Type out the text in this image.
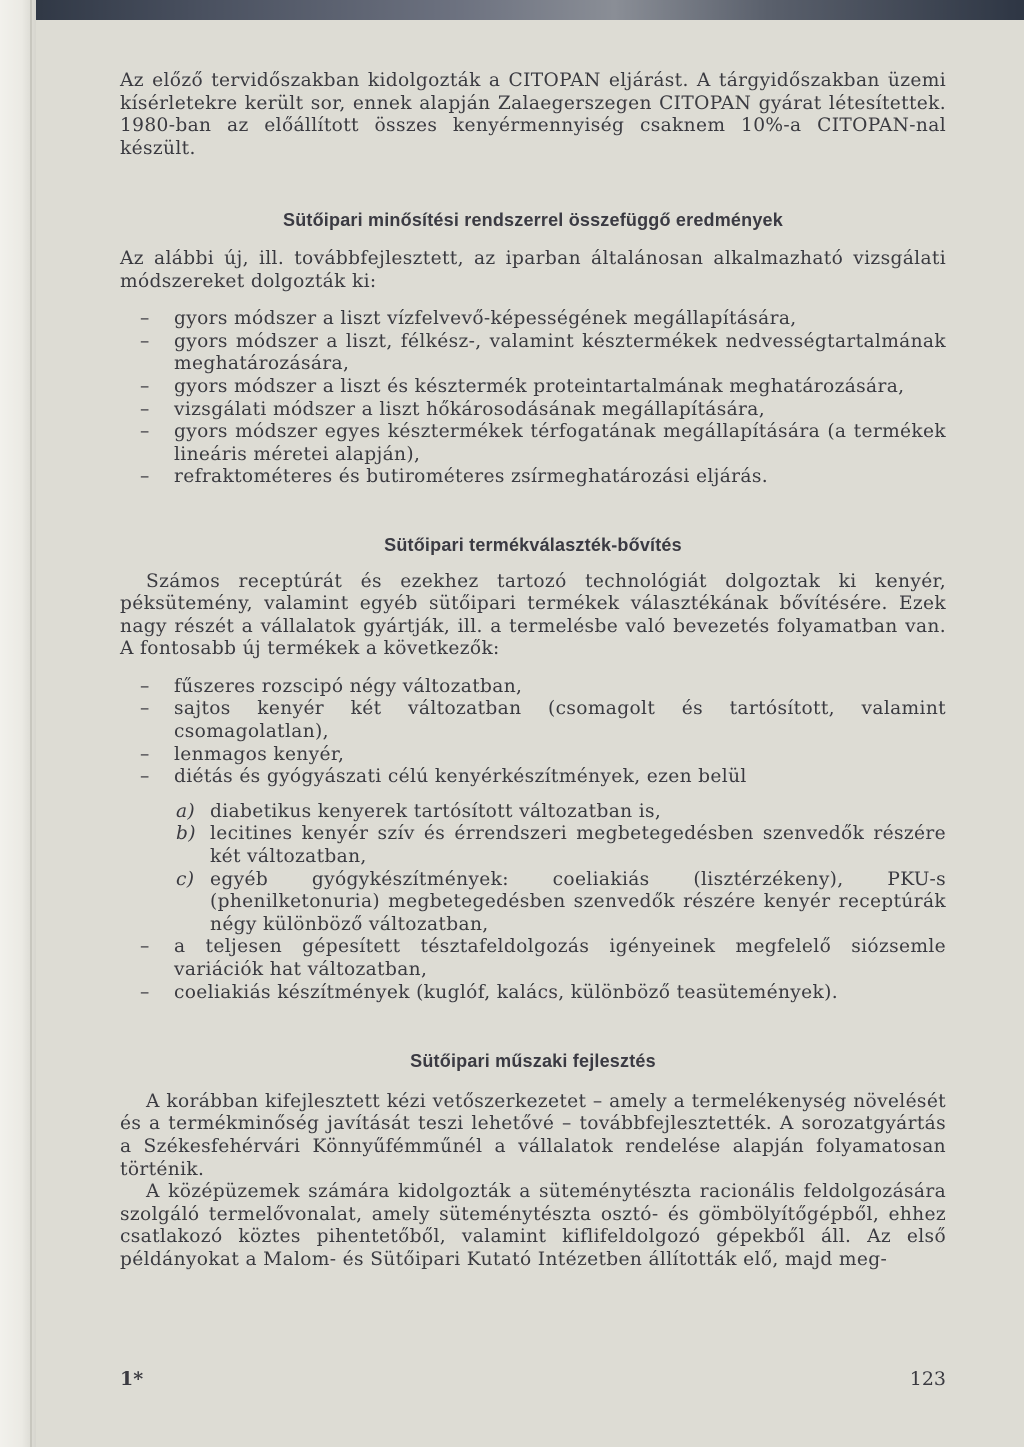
Az előző tervidőszakban kidolgozták a CITOPAN eljárást. A tárgyidőszakban üzemi kísérletekre került sor, ennek alapján Zalaegerszegen CITOPAN gyárat létesítettek. 1980-ban az előállított összes kenyérmennyiség csaknem 10%-a CITOPAN-nal készült.

Sütőipari minősítési rendszerrel összefüggő eredmények

Az alábbi új, ill. továbbfejlesztett, az iparban általánosan alkalmazható vizsgálati módszereket dolgozták ki:

– gyors módszer a liszt vízfelvevő-képességének megállapítására,
– gyors módszer a liszt, félkész-, valamint késztermékek nedvességtartalmának meghatározására,
– gyors módszer a liszt és késztermék proteintartalmának meghatározására,
– vizsgálati módszer a liszt hőkárosodásának megállapítására,
– gyors módszer egyes késztermékek térfogatának megállapítására (a termékek lineáris méretei alapján),
– refraktométeres és butirométeres zsírmeghatározási eljárás.
Sütőipari termékválaszték-bővítés

Számos receptúrát és ezekhez tartozó technológiát dolgoztak ki kenyér, péksütemény, valamint egyéb sütőipari termékek választékának bővítésére. Ezek nagy részét a vállalatok gyártják, ill. a termelésbe való bevezetés folyamatban van. A fontosabb új termékek a következők:

– fűszeres rozscipó négy változatban,
– sajtos kenyér két változatban (csomagolt és tartósított, valamint csomagolatlan),
– lenmagos kenyér,
– diétás és gyógyászati célú kenyérkészítmények, ezen belül
a) diabetikus kenyerek tartósított változatban is,
b) lecitines kenyér szív és érrendszeri megbetegedésben szenvedők részére két változatban,
c) egyéb gyógykészítmények: coeliakiás (lisztérzékeny), PKU-s (phenilketonuria) megbetegedésben szenvedők részére kenyér receptúrák négy különböző változatban,
– a teljesen gépesített tésztafeldolgozás igényeinek megfelelő siózsemle variációk hat változatban,
– coeliakiás készítmények (kuglóf, kalács, különböző teasütemények).
Sütőipari műszaki fejlesztés

A korábban kifejlesztett kézi vetőszerkezetet – amely a termelékenység növelését és a termékminőség javítását teszi lehetővé – továbbfejlesztették. A sorozatgyártás a Székesfehérvári Könnyűfémműnél a vállalatok rendelése alapján folyamatosan történik.

A középüzemek számára kidolgozták a süteménytészta racionális feldolgozására szolgáló termelővonalat, amely süteménytészta osztó- és gömbölyítőgépből, ehhez csatlakozó köztes pihentetőből, valamint kiflifeldolgozó gépekből áll. Az első példányokat a Malom- és Sütőipari Kutató Intézetben állították elő, majd meg-

1*	123
